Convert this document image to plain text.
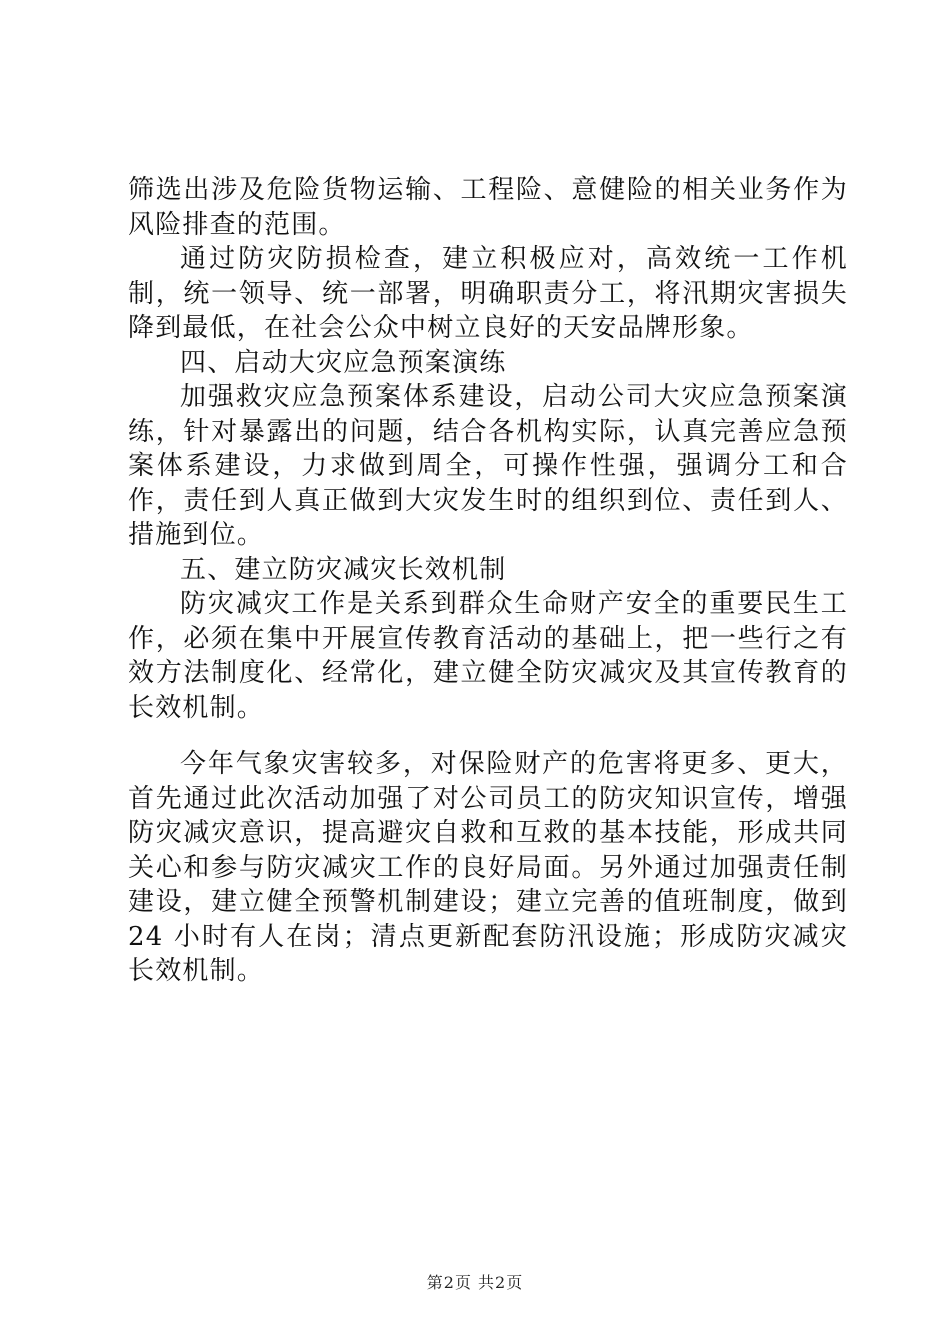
筛选出涉及危险货物运输、工程险、意健险的相关业务作为风险排查的范围。

通过防灾防损检查，建立积极应对，高效统一工作机制，统一领导、统一部署，明确职责分工，将汛期灾害损失降到最低，在社会公众中树立良好的天安品牌形象。

四、启动大灾应急预案演练

加强救灾应急预案体系建设，启动公司大灾应急预案演练，针对暴露出的问题，结合各机构实际，认真完善应急预案体系建设，力求做到周全，可操作性强，强调分工和合作，责任到人真正做到大灾发生时的组织到位、责任到人、措施到位。

五、建立防灾减灾长效机制

防灾减灾工作是关系到群众生命财产安全的重要民生工作，必须在集中开展宣传教育活动的基础上，把一些行之有效方法制度化、经常化，建立健全防灾减灾及其宣传教育的长效机制。

今年气象灾害较多，对保险财产的危害将更多、更大，首先通过此次活动加强了对公司员工的防灾知识宣传，增强防灾减灾意识，提高避灾自救和互救的基本技能，形成共同关心和参与防灾减灾工作的良好局面。另外通过加强责任制建设，建立健全预警机制建设；建立完善的值班制度，做到 24 小时有人在岗；清点更新配套防汛设施；形成防灾减灾长效机制。

第2页 共2页
